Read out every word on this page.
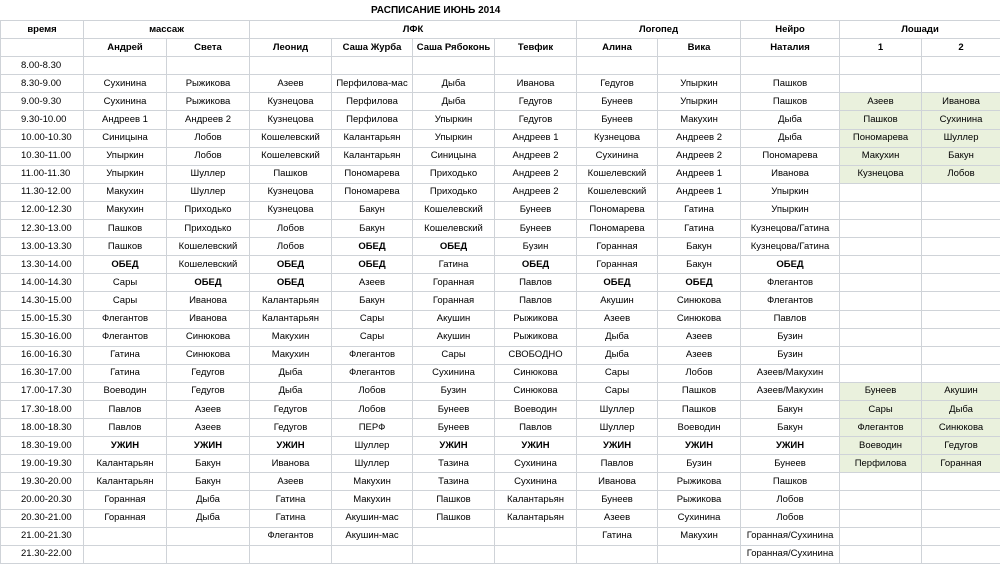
РАСПИСАНИЕ ИЮНЬ 2014
время	массаж		ЛФК				Логопед		Нейро	Лошади	
	Андрей	Света	Леонид	Саша Журба	Саша Рябоконь	Тевфик	Алина	Вика	Наталия	1	2
8.00-8.30											
8.30-9.00	Сухинина	Рыжикова	Азеев	Перфилова-мас	Дыба	Иванова	Гедугов	Упыркин	Пашков		
9.00-9.30	Сухинина	Рыжикова	Кузнецова	Перфилова	Дыба	Гедугов	Бунеев	Упыркин	Пашков	Азеев	Иванова
9.30-10.00	Андреев 1	Андреев 2	Кузнецова	Перфилова	Упыркин	Гедугов	Бунеев	Макухин	Дыба	Пашков	Сухинина
10.00-10.30	Синицына	Лобов	Кошелевский	Калантарьян	Упыркин	Андреев 1	Кузнецова	Андреев 2	Дыба	Пономарева	Шуллер
10.30-11.00	Упыркин	Лобов	Кошелевский	Калантарьян	Синицына	Андреев 2	Сухинина	Андреев 2	Пономарева	Макухин	Бакун
11.00-11.30	Упыркин	Шуллер	Пашков	Пономарева	Приходько	Андреев 2	Кошелевский	Андреев 1	Иванова	Кузнецова	Лобов
11.30-12.00	Макухин	Шуллер	Кузнецова	Пономарева	Приходько	Андреев 2	Кошелевский	Андреев 1	Упыркин		
12.00-12.30	Макухин	Приходько	Кузнецова	Бакун	Кошелевский	Бунеев	Пономарева	Гатина	Упыркин		
12.30-13.00	Пашков	Приходько	Лобов	Бакун	Кошелевский	Бунеев	Пономарева	Гатина	Кузнецова/Гатина		
13.00-13.30	Пашков	Кошелевский	Лобов	ОБЕД	ОБЕД	Бузин	Горанная	Бакун	Кузнецова/Гатина		
13.30-14.00	ОБЕД	Кошелевский	ОБЕД	ОБЕД	Гатина	ОБЕД	Горанная	Бакун	ОБЕД		
14.00-14.30	Сары	ОБЕД	ОБЕД	Азеев	Горанная	Павлов	ОБЕД	ОБЕД	Флегантов		
14.30-15.00	Сары	Иванова	Калантарьян	Бакун	Горанная	Павлов	Акушин	Синюкова	Флегантов		
15.00-15.30	Флегантов	Иванова	Калантарьян	Сары	Акушин	Рыжикова	Азеев	Синюкова	Павлов		
15.30-16.00	Флегантов	Синюкова	Макухин	Сары	Акушин	Рыжикова	Дыба	Азеев	Бузин		
16.00-16.30	Гатина	Синюкова	Макухин	Флегантов	Сары	СВОБОДНО	Дыба	Азеев	Бузин		
16.30-17.00	Гатина	Гедугов	Дыба	Флегантов	Сухинина	Синюкова	Сары	Лобов	Азеев/Макухин		
17.00-17.30	Воеводин	Гедугов	Дыба	Лобов	Бузин	Синюкова	Сары	Пашков	Азеев/Макухин	Бунеев	Акушин
17.30-18.00	Павлов	Азеев	Гедугов	Лобов	Бунеев	Воеводин	Шуллер	Пашков	Бакун	Сары	Дыба
18.00-18.30	Павлов	Азеев	Гедугов	ПЕРФ	Бунеев	Павлов	Шуллер	Воеводин	Бакун	Флегантов	Синюкова
18.30-19.00	УЖИН	УЖИН	УЖИН	Шуллер	УЖИН	УЖИН	УЖИН	УЖИН	УЖИН	Воеводин	Гедугов
19.00-19.30	Калантарьян	Бакун	Иванова	Шуллер	Тазина	Сухинина	Павлов	Бузин	Бунеев	Перфилова	Горанная
19.30-20.00	Калантарьян	Бакун	Азеев	Макухин	Тазина	Сухинина	Иванова	Рыжикова	Пашков		
20.00-20.30	Горанная	Дыба	Гатина	Макухин	Пашков	Калантарьян	Бунеев	Рыжикова	Лобов		
20.30-21.00	Горанная	Дыба	Гатина	Акушин-мас	Пашков	Калантарьян	Азеев	Сухинина	Лобов		
21.00-21.30			Флегантов	Акушин-мас			Гатина	Макухин	Горанная/Сухинина		
21.30-22.00									Горанная/Сухинина		
